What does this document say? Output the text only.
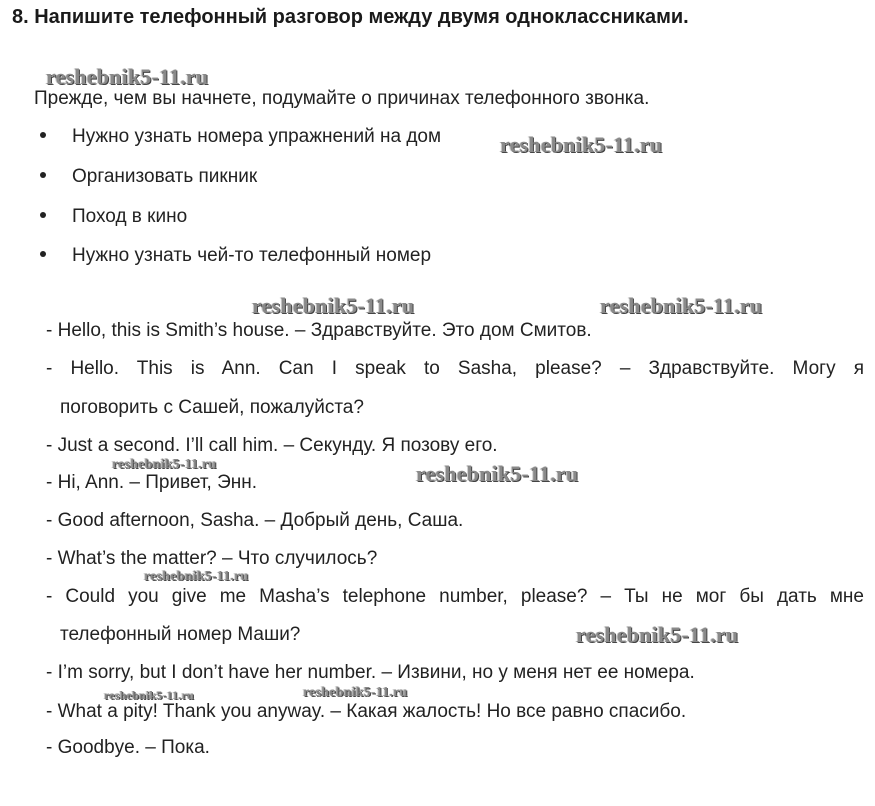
8. Напишите телефонный разговор между двумя одноклассниками.
Прежде, чем вы начнете, подумайте о причинах телефонного звонка.
Нужно узнать номера упражнений на дом
Организовать пикник
Поход в кино
Нужно узнать чей-то телефонный номер
- Hello, this is Smith’s house. – Здравствуйте. Это дом Смитов.
- Hello. This is Ann. Can I speak to Sasha, please? – Здравствуйте. Могу я
поговорить с Сашей, пожалуйста?
- Just a second. I’ll call him. – Секунду. Я позову его.
- Hi, Ann. – Привет, Энн.
- Good afternoon, Sasha. – Добрый день, Саша.
- What’s the matter? – Что случилось?
- Could you give me Masha’s telephone number, please? – Ты не мог бы дать мне
телефонный номер Маши?
- I’m sorry, but I don’t have her number. – Извини, но у меня нет ее номера.
- What a pity! Thank you anyway. – Какая жалость! Но все равно спасибо.
- Goodbye. – Пока.
reshebnik5-11.ru
reshebnik5-11.ru
reshebnik5-11.ru	reshebnik5-11.ru
reshebnik5-11.ru	reshebnik5-11.ru
reshebnik5-11.ru
reshebnik5-11.ru
reshebnik5-11.ru	reshebnik5-11.ru
